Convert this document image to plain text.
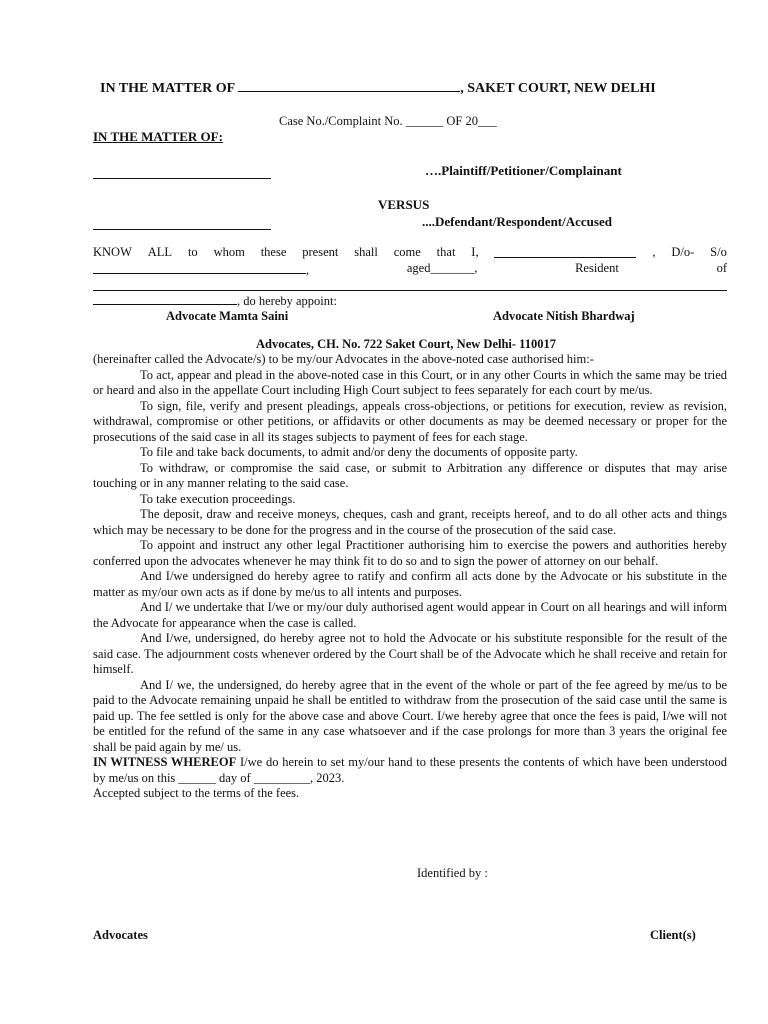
IN THE MATTER OF	, SAKET COURT, NEW DELHI
Case No./Complaint No. ______ OF 20___
IN THE MATTER OF:
….Plaintiff/Petitioner/Complainant
VERSUS
....Defendant/Respondent/Accused
KNOW ALL to whom these present shall come that I,	, D/o- S/o
,	aged_______,	Resident	of
, do hereby appoint:
Advocate Mamta Saini	Advocate Nitish Bhardwaj
Advocates, CH. No. 722 Saket Court, New Delhi- 110017

(hereinafter called the Advocate/s) to be my/our Advocates in the above-noted case authorised him:-

To act, appear and plead in the above-noted case in this Court, or in any other Courts in which the same may be tried or heard and also in the appellate Court including High Court subject to fees separately for each court by me/us.

To sign, file, verify and present pleadings, appeals cross-objections, or petitions for execution, review as revision, withdrawal, compromise or other petitions, or affidavits or other documents as may be deemed necessary or proper for the prosecutions of the said case in all its stages subjects to payment of fees for each stage.

To file and take back documents, to admit and/or deny the documents of opposite party.

To withdraw, or compromise the said case, or submit to Arbitration any difference or disputes that may arise touching or in any manner relating to the said case.

To take execution proceedings.

The deposit, draw and receive moneys, cheques, cash and grant, receipts hereof, and to do all other acts and things which may be necessary to be done for the progress and in the course of the prosecution of the said case.

To appoint and instruct any other legal Practitioner authorising him to exercise the powers and authorities hereby conferred upon the advocates whenever he may think fit to do so and to sign the power of attorney on our behalf.

And I/we undersigned do hereby agree to ratify and confirm all acts done by the Advocate or his substitute in the matter as my/our own acts as if done by me/us to all intents and purposes.

And I/ we undertake that I/we or my/our duly authorised agent would appear in Court on all hearings and will inform the Advocate for appearance when the case is called.

And I/we, undersigned, do hereby agree not to hold the Advocate or his substitute responsible for the result of the said case. The adjournment costs whenever ordered by the Court shall be of the Advocate which he shall receive and retain for himself.

And I/ we, the undersigned, do hereby agree that in the event of the whole or part of the fee agreed by me/us to be paid to the Advocate remaining unpaid he shall be entitled to withdraw from the prosecution of the said case until the same is paid up. The fee settled is only for the above case and above Court. I/we hereby agree that once the fees is paid, I/we will not be entitled for the refund of the same in any case whatsoever and if the case prolongs for more than 3 years the original fee shall be paid again by me/ us.

IN WITNESS WHEREOF I/we do herein to set my/our hand to these presents the contents of which have been understood by me/us on this ______ day of _________, 2023.

Accepted subject to the terms of the fees.

Identified by :
Advocates	Client(s)
